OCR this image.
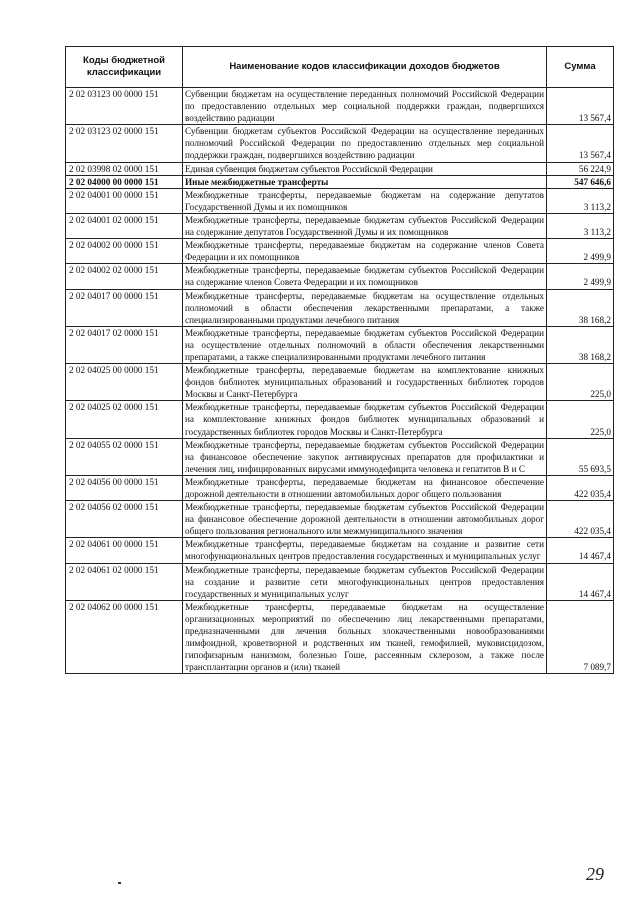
Коды бюджетной классификации	Наименование кодов классификации доходов бюджетов	Сумма
2 02 03123 00 0000 151	Субвенции бюджетам на осуществление переданных полномочий Российской Федерации по предоставлению отдельных мер социальной поддержки граждан, подвергшихся воздействию радиации	13 567,4
2 02 03123 02 0000 151	Субвенции бюджетам субъектов Российской Федерации на осуществление переданных полномочий Российской Федерации по предоставлению отдельных мер социальной поддержки граждан, подвергшихся воздействию радиации	13 567,4
2 02 03998 02 0000 151	Единая субвенция бюджетам субъектов Российской Федерации	56 224,9
2 02 04000 00 0000 151	Иные межбюджетные трансферты	547 646,6
2 02 04001 00 0000 151	Межбюджетные трансферты, передаваемые бюджетам на содержание депутатов Государственной Думы и их помощников	3 113,2
2 02 04001 02 0000 151	Межбюджетные трансферты, передаваемые бюджетам субъектов Российской Федерации на содержание депутатов Государственной Думы и их помощников	3 113,2
2 02 04002 00 0000 151	Межбюджетные трансферты, передаваемые бюджетам на содержание членов Совета Федерации и их помощников	2 499,9
2 02 04002 02 0000 151	Межбюджетные трансферты, передаваемые бюджетам субъектов Российской Федерации на содержание членов Совета Федерации и их помощников	2 499,9
2 02 04017 00 0000 151	Межбюджетные трансферты, передаваемые бюджетам на осуществление отдельных полномочий в области обеспечения лекарственными препаратами, а также специализированными продуктами лечебного питания	38 168,2
2 02 04017 02 0000 151	Межбюджетные трансферты, передаваемые бюджетам субъектов Российской Федерации на осуществление отдельных полномочий в области обеспечения лекарственными препаратами, а также специализированными продуктами лечебного питания	38 168,2
2 02 04025 00 0000 151	Межбюджетные трансферты, передаваемые бюджетам на комплектование книжных фондов библиотек муниципальных образований и государственных библиотек городов Москвы и Санкт-Петербурга	225,0
2 02 04025 02 0000 151	Межбюджетные трансферты, передаваемые бюджетам субъектов Российской Федерации на комплектование книжных фондов библиотек муниципальных образований и государственных библиотек городов Москвы и Санкт-Петербурга	225,0
2 02 04055 02 0000 151	Межбюджетные трансферты, передаваемые бюджетам субъектов Российской Федерации на финансовое обеспечение закупок антивирусных препаратов для профилактики и лечения лиц, инфицированных вирусами иммунодефицита человека и гепатитов В и С	55 693,5
2 02 04056 00 0000 151	Межбюджетные трансферты, передаваемые бюджетам на финансовое обеспечение дорожной деятельности в отношении автомобильных дорог общего пользования	422 035,4
2 02 04056 02 0000 151	Межбюджетные трансферты, передаваемые бюджетам субъектов Российской Федерации на финансовое обеспечение дорожной деятельности в отношении автомобильных дорог общего пользования регионального или межмуниципального значения	422 035,4
2 02 04061 00 0000 151	Межбюджетные трансферты, передаваемые бюджетам на создание и развитие сети многофункциональных центров предоставления государственных и муниципальных услуг	14 467,4
2 02 04061 02 0000 151	Межбюджетные трансферты, передаваемые бюджетам субъектов Российской Федерации на создание и развитие сети многофункциональных центров предоставления государственных и муниципальных услуг	14 467,4
2 02 04062 00 0000 151	Межбюджетные трансферты, передаваемые бюджетам на осуществление организационных мероприятий по обеспечению лиц лекарственными препаратами, предназначенными для лечения больных злокачественными новообразованиями лимфоидной, кроветворной и родственных им тканей, гемофилией, муковисцидозом, гипофизарным нанизмом, болезнью Гоше, рассеянным склерозом, а также после трансплантации органов и (или) тканей	7 089,7
29
